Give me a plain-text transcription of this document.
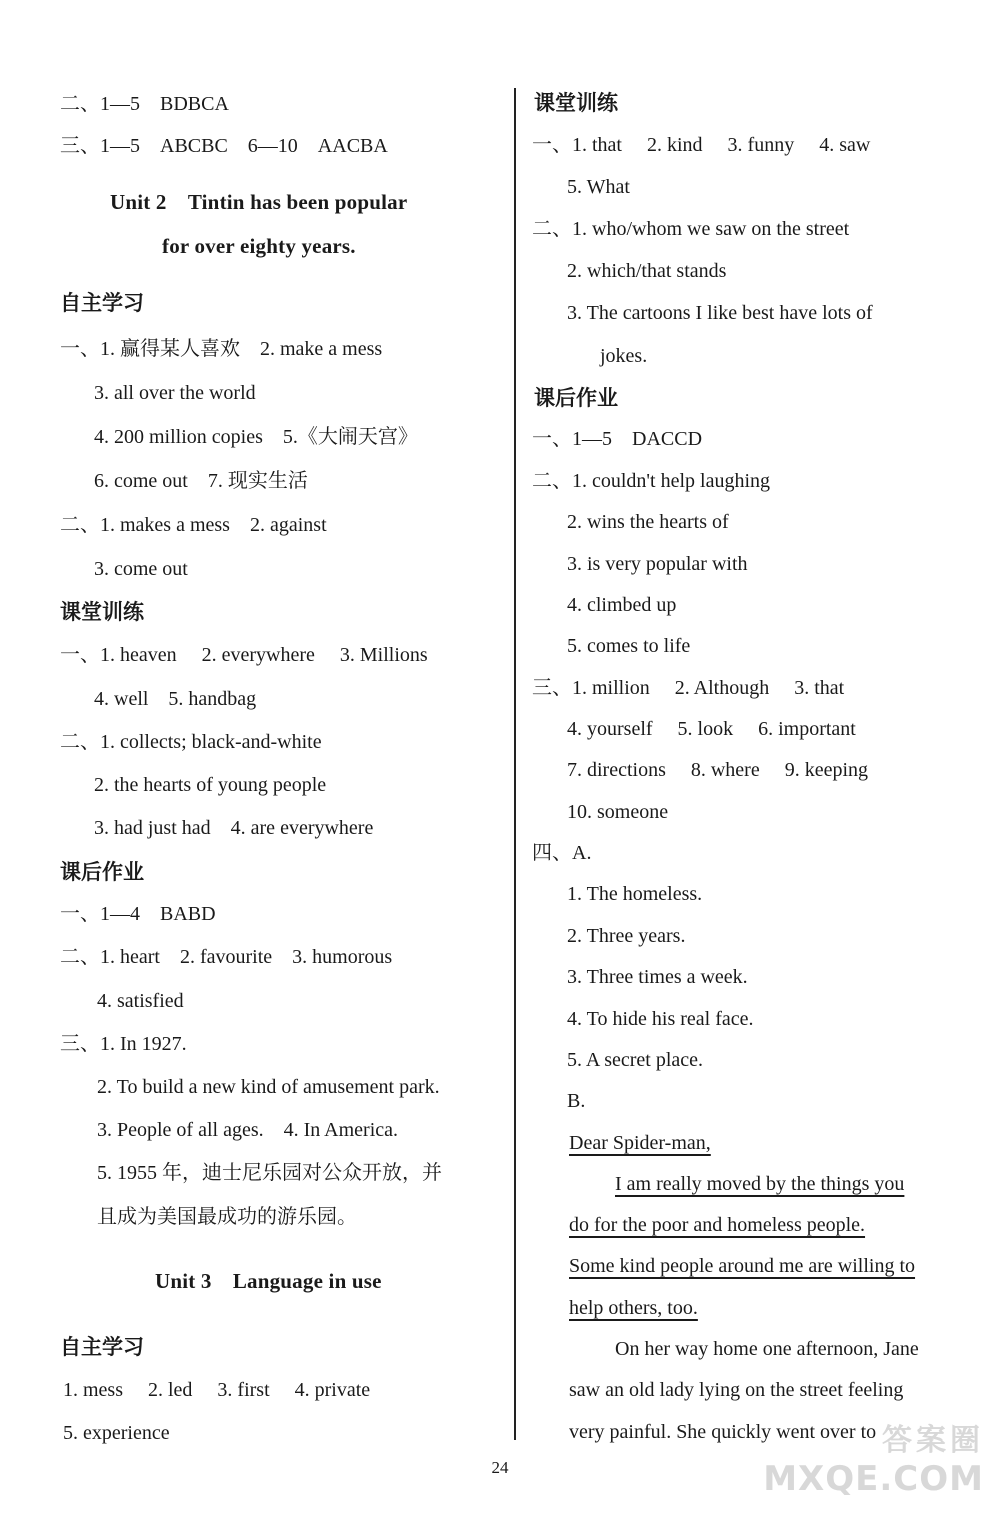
二、1—5　BDBCA
三、1—5　ABCBC　6—10　AACBA
Unit 2　Tintin has been popular
for over eighty years.
自主学习
一、1. 赢得某人喜欢　2. make a mess
3. all over the world
4. 200 million copies　5.《大闹天宫》
6. come out　7. 现实生活
二、1. makes a mess　2. against
3. come out
课堂训练
一、1. heaven　 2. everywhere　 3. Millions
4. well　5. handbag
二、1. collects; black-and-white
2. the hearts of young people
3. had just had　4. are everywhere
课后作业
一、1—4　BABD
二、1. heart　2. favourite　3. humorous
4. satisfied
三、1. In 1927.
2. To build a new kind of amusement park.
3. People of all ages.　4. In America.
5. 1955 年，迪士尼乐园对公众开放，并
且成为美国最成功的游乐园。
Unit 3　Language in use
自主学习
1. mess　 2. led　 3. first　 4. private
5. experience
课堂训练
一、1. that　 2. kind　 3. funny　 4. saw
5. What
二、1. who/whom we saw on the street
2. which/that stands
3. The cartoons I like best have lots of
jokes.
课后作业
一、1—5　DACCD
二、1. couldn't help laughing
2. wins the hearts of
3. is very popular with
4. climbed up
5. comes to life
三、1. million　 2. Although　 3. that
4. yourself　 5. look　 6. important
7. directions　 8. where　 9. keeping
10. someone
四、A.
1. The homeless.
2. Three years.
3. Three times a week.
4. To hide his real face.
5. A secret place.
B.
Dear Spider-man,
I am really moved by the things you
do for the poor and homeless people.
Some kind people around me are willing to
help others, too.
On her way home one afternoon, Jane
saw an old lady lying on the street feeling
very painful. She quickly went over to
24
答案圈
MXQE.COM
